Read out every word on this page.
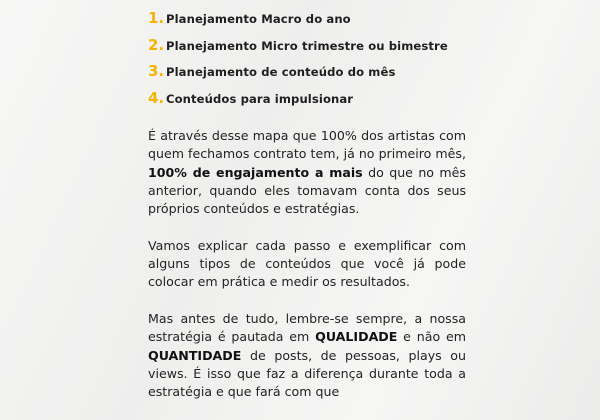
1. Planejamento Macro do ano
2. Planejamento Micro trimestre ou bimestre
3. Planejamento de conteúdo do mês
4. Conteúdos para impulsionar

É através desse mapa que 100% dos artistas com quem fechamos contrato tem, já no primeiro mês, 100% de engajamento a mais do que no mês anterior, quando eles tomavam conta dos seus próprios conteúdos e estratégias.

Vamos explicar cada passo e exemplificar com alguns tipos de conteúdos que você já pode colocar em prática e medir os resultados.

Mas antes de tudo, lembre-se sempre, a nossa estratégia é pautada em QUALIDADE e não em QUANTIDADE de posts, de pessoas, plays ou views. É isso que faz a diferença durante toda a estratégia e que fará com que
